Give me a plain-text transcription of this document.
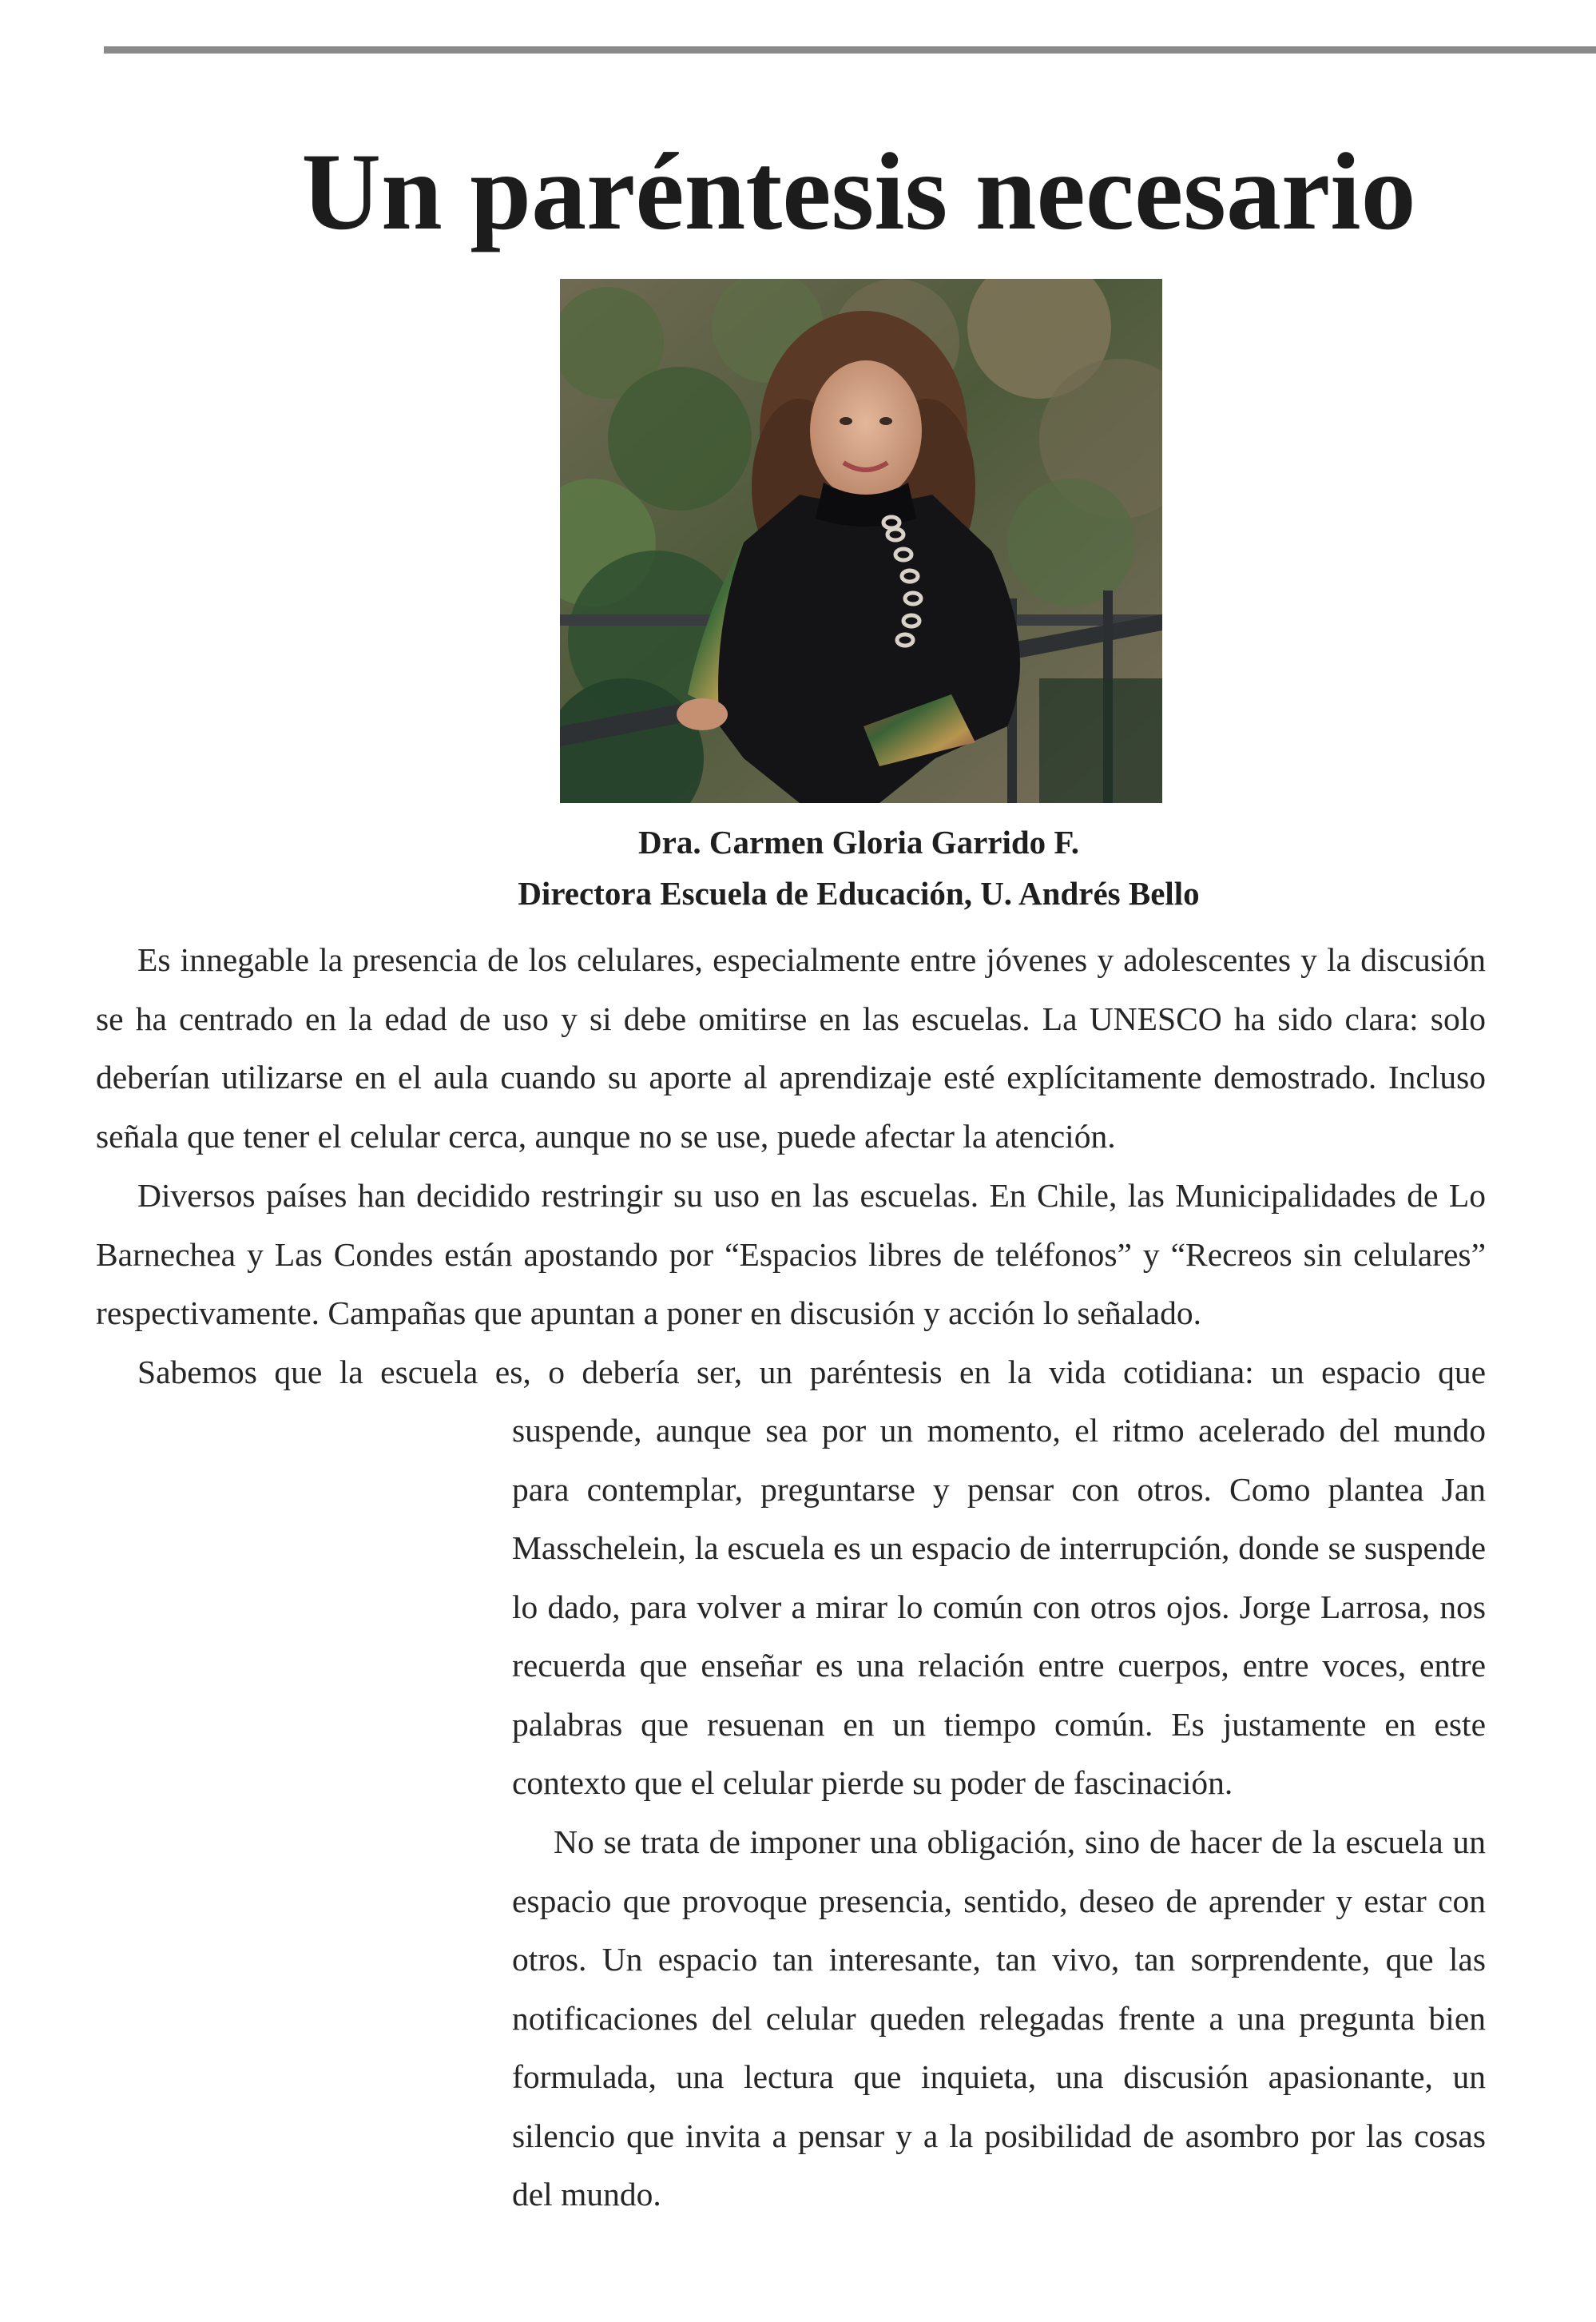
Un paréntesis necesario

Dra. Carmen Gloria Garrido F.

Directora Escuela de Educación, U. Andrés Bello

Es innegable la presencia de los celulares, especialmente entre jóvenes y adolescentes y la discusión se ha centrado en la edad de uso y si debe omitirse en las escuelas. La UNESCO ha sido clara: solo deberían utilizarse en el aula cuando su aporte al aprendizaje esté explícitamente demostrado. Incluso señala que tener el celular cerca, aunque no se use, puede afectar la atención.

Diversos países han decidido restringir su uso en las escuelas. En Chile, las Municipalidades de Lo Barnechea y Las Condes están apostando por “Espacios libres de teléfonos” y “Recreos sin celulares” respectivamente. Campañas que apuntan a poner en discusión y acción lo señalado.

Sabemos que la escuela es, o debería ser, un paréntesis en la vida cotidiana: un espacio que

suspende, aunque sea por un momento, el ritmo acelerado del mundo para contemplar, preguntarse y pensar con otros. Como plantea Jan Masschelein, la escuela es un espacio de interrupción, donde se suspende lo dado, para volver a mirar lo común con otros ojos. Jorge Larrosa, nos recuerda que enseñar es una relación entre cuerpos, entre voces, entre palabras que resuenan en un tiempo común. Es justamente en este contexto que el celular pierde su poder de fascinación.

No se trata de imponer una obligación, sino de hacer de la escuela un espacio que provoque presencia, sentido, deseo de aprender y estar con otros. Un espacio tan interesante, tan vivo, tan sorprendente, que las notificaciones del celular queden relegadas frente a una pregunta bien formulada, una lectura que inquieta, una discusión apasionante, un silencio que invita a pensar y a la posibilidad de asombro por las cosas del mundo.
